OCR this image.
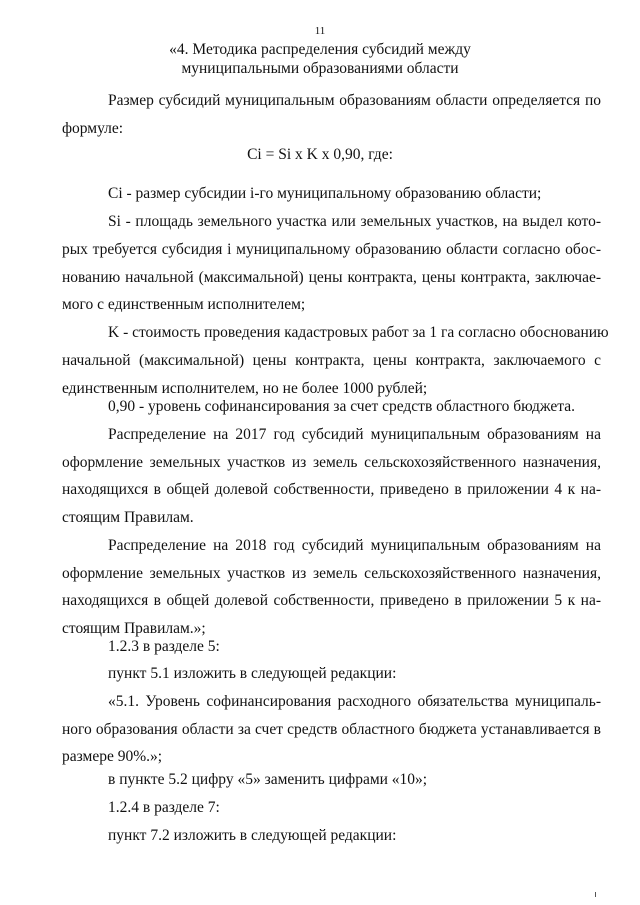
11
«4. Методика распределения субсидий между
муниципальными образованиями области
Размер субсидий муниципальным образованиям области определяется по
формуле:
Ci = Si x K x 0,90, где:
Ci - размер субсидии i-го муниципальному образованию области;
Si - площадь земельного участка или земельных участков, на выдел кото-
рых требуется субсидия i муниципальному образованию области согласно обос-
нованию начальной (максимальной) цены контракта, цены контракта, заключае-
мого с единственным исполнителем;
K - стоимость проведения кадастровых работ за 1 га согласно обоснованию
начальной (максимальной) цены контракта, цены контракта, заключаемого с
единственным исполнителем, но не более 1000 рублей;
0,90 - уровень софинансирования за счет средств областного бюджета.
Распределение на 2017 год субсидий муниципальным образованиям на
оформление земельных участков из земель сельскохозяйственного назначения,
находящихся в общей долевой собственности, приведено в приложении 4 к на-
стоящим Правилам.
Распределение на 2018 год субсидий муниципальным образованиям на
оформление земельных участков из земель сельскохозяйственного назначения,
находящихся в общей долевой собственности, приведено в приложении 5 к на-
стоящим Правилам.»;
1.2.3 в разделе 5:
пункт 5.1 изложить в следующей редакции:
«5.1. Уровень софинансирования расходного обязательства муниципаль-
ного образования области за счет средств областного бюджета устанавливается в
размере 90%.»;
в пункте 5.2 цифру «5» заменить цифрами «10»;
1.2.4 в разделе 7:
пункт 7.2 изложить в следующей редакции:
